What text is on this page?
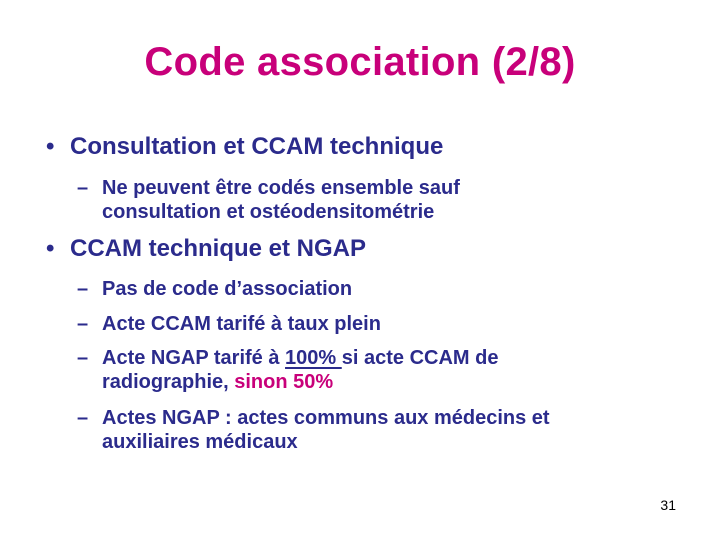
Code association (2/8)
• Consultation et CCAM technique
– Ne peuvent être codés ensemble sauf
consultation et ostéodensitométrie
• CCAM technique et NGAP
– Pas de code d’association
– Acte CCAM tarifé à taux plein
– Acte NGAP tarifé à 100% si acte CCAM de
radiographie, sinon 50%
– Actes NGAP : actes communs aux médecins et
auxiliaires médicaux
31
